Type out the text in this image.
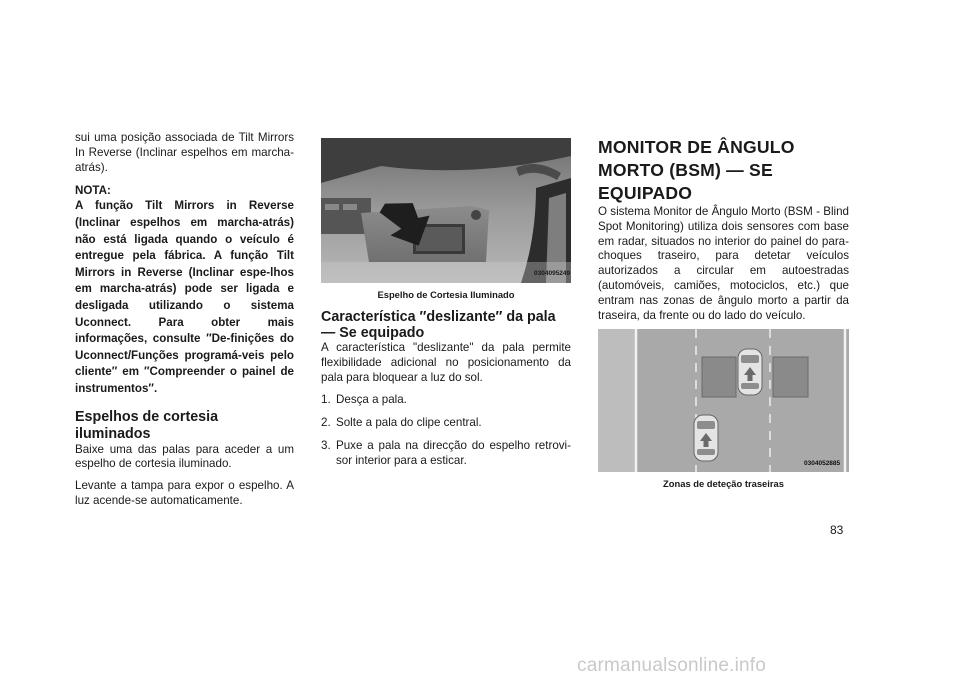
sui uma posição associada de Tilt Mirrors In Reverse (Inclinar espelhos em marcha-atrás).

NOTA:
A função Tilt Mirrors in Reverse (Inclinar espelhos em marcha-atrás) não está ligada quando o veículo é entregue pela fábrica. A função Tilt Mirrors in Reverse (Inclinar espe-lhos em marcha-atrás) pode ser ligada e desligada utilizando o sistema Uconnect. Para obter mais informações, consulte ″De-finições do Uconnect/Funções programá-veis pelo cliente″ em ″Compreender o painel de instrumentos″.
Espelhos de cortesia iluminados

Baixe uma das palas para aceder a um espelho de cortesia iluminado.

Levante a tampa para expor o espelho. A luz acende-se automaticamente.

0304095249
Espelho de Cortesia Iluminado
Característica ″deslizante″ da pala — Se equipado

A característica "deslizante" da pala permite flexibilidade adicional no posicionamento da pala para bloquear a luz do sol.

1. Desça a pala.
2. Solte a pala do clipe central.
3. Puxe a pala na direcção do espelho retrovi-sor interior para a esticar.
MONITOR DE ÂNGULO MORTO (BSM) — SE EQUIPADO

O sistema Monitor de Ângulo Morto (BSM - Blind Spot Monitoring) utiliza dois sensores com base em radar, situados no interior do painel do para-choques traseiro, para detetar veículos autorizados a circular em autoestradas (automóveis, camiões, motociclos, etc.) que entram nas zonas de ângulo morto a partir da traseira, da frente ou do lado do veículo.

0304052885
Zonas de deteção traseiras
83
carmanualsonline.info
